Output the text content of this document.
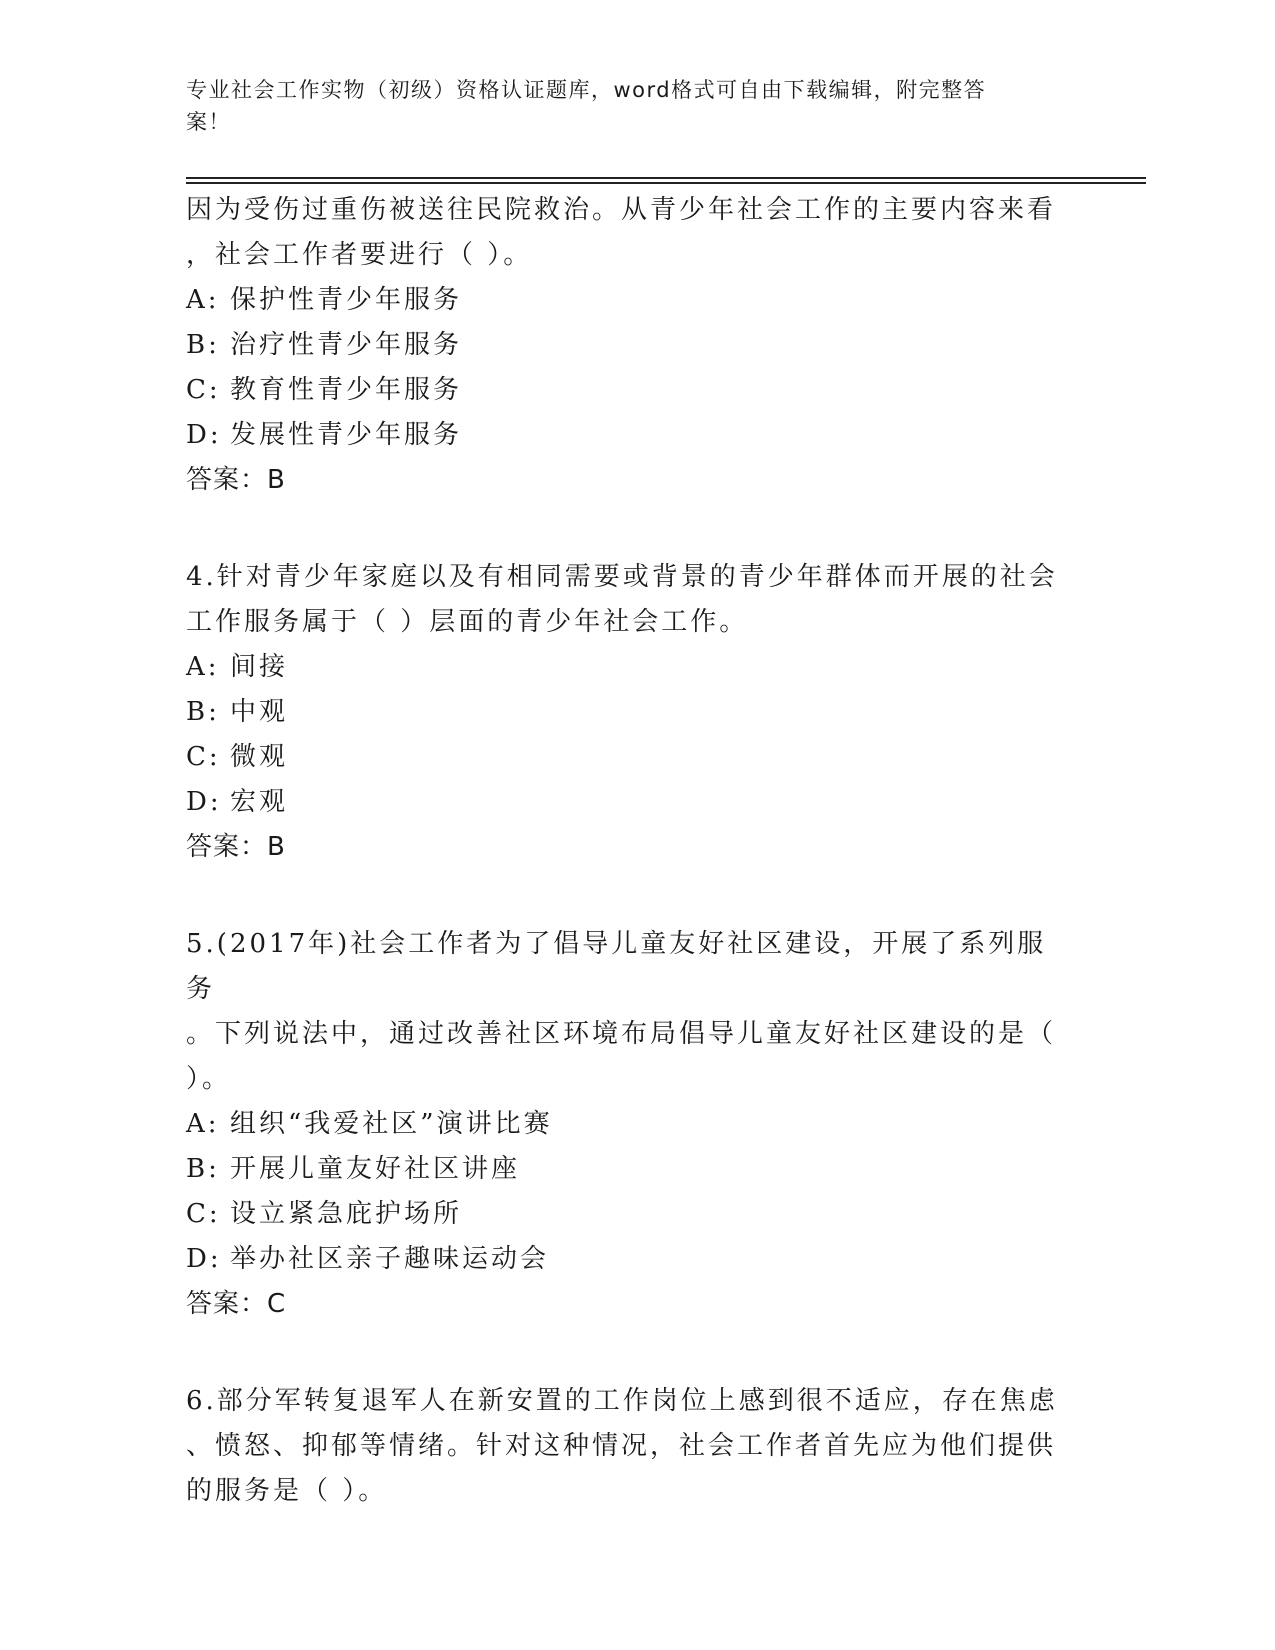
专业社会工作实物（初级）资格认证题库，word格式可自由下载编辑，附完整答
案！

因为受伤过重伤被送往民院救治。从青少年社会工作的主要内容来看

，社会工作者要进行（ ）。

A: 保护性青少年服务
B: 治疗性青少年服务
C: 教育性青少年服务
D: 发展性青少年服务

答案：B

4.针对青少年家庭以及有相同需要或背景的青少年群体而开展的社会

工作服务属于（ ）层面的青少年社会工作。

A: 间接
B: 中观
C: 微观
D: 宏观

答案：B

5.(2017年)社会工作者为了倡导儿童友好社区建设，开展了系列服务

。下列说法中，通过改善社区环境布局倡导儿童友好社区建设的是（

）。

A: 组织“我爱社区”演讲比赛
B: 开展儿童友好社区讲座
C: 设立紧急庇护场所
D: 举办社区亲子趣味运动会

答案：C

6.部分军转复退军人在新安置的工作岗位上感到很不适应，存在焦虑

、愤怒、抑郁等情绪。针对这种情况，社会工作者首先应为他们提供

的服务是（ ）。
